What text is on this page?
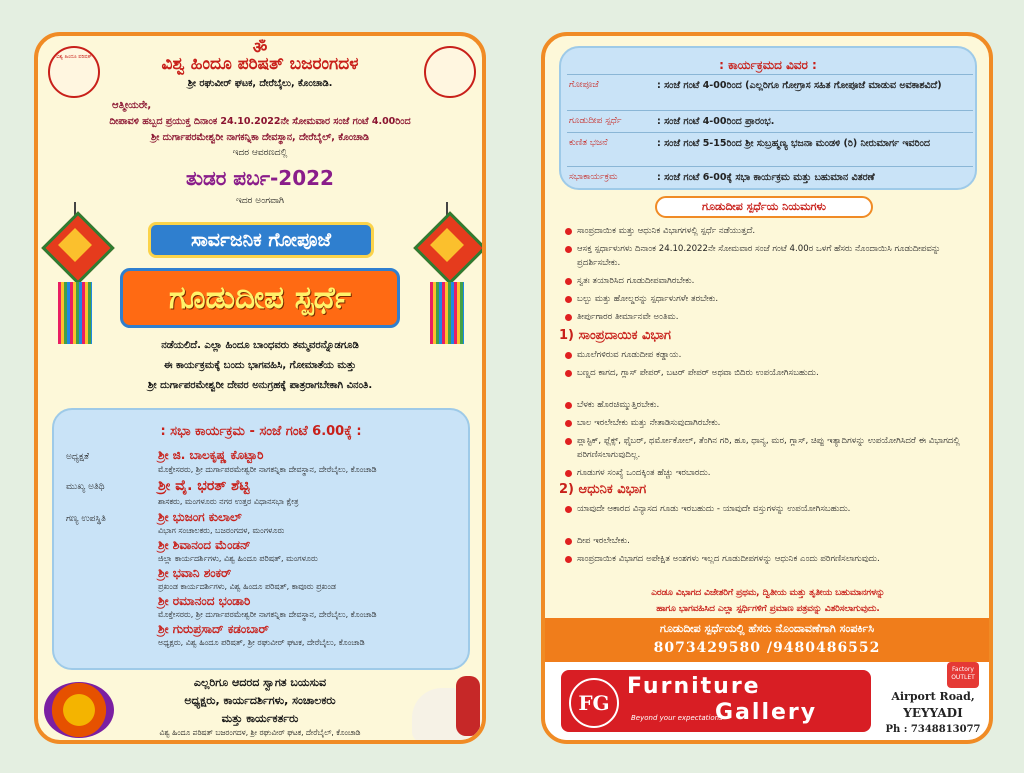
ವಿಶ್ವ ಹಿಂದೂ ಪರಿಷತ್	ॐ
ವಿಶ್ವ ಹಿಂದೂ ಪರಿಷತ್ ಬಜರಂಗದಳ
ಶ್ರೀ ರಘುವೀರ್ ಘಟಕ, ದೇರೆಬೈಲು, ಕೊಂಚಾಡಿ.
ಆತ್ಮೀಯರೇ,
ದೀಪಾವಳಿ ಹಬ್ಬದ ಪ್ರಯುಕ್ತ ದಿನಾಂಕ 24.10.2022ನೇ ಸೋಮವಾರ ಸಂಜೆ ಗಂಟೆ 4.00ರಿಂದ
ಶ್ರೀ ದುರ್ಗಾಪರಮೇಶ್ವರೀ ನಾಗಕನ್ನಿಕಾ ದೇವಸ್ಥಾನ, ದೇರೆಬೈಲ್, ಕೊಂಚಾಡಿ
ಇದರ ಆವರಣದಲ್ಲಿ
ತುಡರ ಪರ್ಬ-2022
ಇದರ ಅಂಗವಾಗಿ
ಸಾರ್ವಜನಿಕ ಗೋಪೂಜೆ
ಗೂಡುದೀಪ ಸ್ಪರ್ಧೆ
ನಡೆಯಲಿದೆ. ಎಲ್ಲಾ ಹಿಂದೂ ಬಾಂಧವರು ತಮ್ಮವರನ್ನೊಡಗೂಡಿ
ಈ ಕಾರ್ಯಕ್ರಮಕ್ಕೆ ಬಂದು ಭಾಗವಹಿಸಿ, ಗೋಮಾತೆಯ ಮತ್ತು
ಶ್ರೀ ದುರ್ಗಾಪರಮೇಶ್ವರೀ ದೇವರ ಅನುಗ್ರಹಕ್ಕೆ ಪಾತ್ರರಾಗಬೇಕಾಗಿ ವಿನಂತಿ.
: ಸಭಾ ಕಾರ್ಯಕ್ರಮ - ಸಂಜೆ ಗಂಟೆ 6.00ಕ್ಕೆ :
ಅಧ್ಯಕ್ಷತೆ	ಶ್ರೀ ಜಿ. ಬಾಲಕೃಷ್ಣ ಕೊಟ್ಟಾರಿ
ಮೊಕ್ತೇಸರರು, ಶ್ರೀ ದುರ್ಗಾಪರಮೇಶ್ವರೀ ನಾಗಕನ್ನಿಕಾ ದೇವಸ್ಥಾನ, ದೇರೆಬೈಲು, ಕೊಂಚಾಡಿ
ಮುಖ್ಯ ಅತಿಥಿ	ಶ್ರೀ ವೈ. ಭರತ್ ಶೆಟ್ಟಿ
ಶಾಸಕರು, ಮಂಗಳೂರು ನಗರ ಉತ್ತರ ವಿಧಾನಸಭಾ ಕ್ಷೇತ್ರ
ಗಣ್ಯ ಉಪಸ್ಥಿತಿ	ಶ್ರೀ ಭುಜಂಗ ಕುಲಾಲ್
ವಿಭಾಗ ಸಂಚಾಲಕರು, ಬಜರಂಗದಳ, ಮಂಗಳೂರು
ಶ್ರೀ ಶಿವಾನಂದ ಮೆಂಡನ್
ಜಿಲ್ಲಾ ಕಾರ್ಯದರ್ಶಿಗಳು, ವಿಶ್ವ ಹಿಂದೂ ಪರಿಷತ್, ಮಂಗಳೂರು
ಶ್ರೀ ಭವಾನಿ ಶಂಕರ್
ಪ್ರಖಂಡ ಕಾರ್ಯದರ್ಶಿಗಳು, ವಿಶ್ವ ಹಿಂದೂ ಪರಿಷತ್, ಕಾವೂರು ಪ್ರಖಂಡ
ಶ್ರೀ ರಮಾನಂದ ಭಂಡಾರಿ
ಮೊಕ್ತೇಸರರು, ಶ್ರೀ ದುರ್ಗಾಪರಮೇಶ್ವರೀ ನಾಗಕನ್ನಿಕಾ ದೇವಸ್ಥಾನ, ದೇರೆಬೈಲು, ಕೊಂಚಾಡಿ
ಶ್ರೀ ಗುರುಪ್ರಸಾದ್ ಕಡಂಬಾರ್
ಅಧ್ಯಕ್ಷರು, ವಿಶ್ವ ಹಿಂದೂ ಪರಿಷತ್, ಶ್ರೀ ರಘುವೀರ್ ಘಟಕ, ದೇರೆಬೈಲು, ಕೊಂಚಾಡಿ
ಎಲ್ಲರಿಗೂ ಆದರದ ಸ್ವಾಗತ ಬಯಸುವ
ಅಧ್ಯಕ್ಷರು, ಕಾರ್ಯದರ್ಶಿಗಳು, ಸಂಚಾಲಕರು
ಮತ್ತು ಕಾರ್ಯಕರ್ತರು
ವಿಶ್ವ ಹಿಂದೂ ಪರಿಷತ್ ಬಜರಂಗದಳ, ಶ್ರೀ ರಘುವೀರ್ ಘಟಕ, ದೇರೆಬೈಲ್, ಕೊಂಚಾಡಿ
: ಕಾರ್ಯಕ್ರಮದ ವಿವರ :
ಗೋಪೂಜೆ	: ಸಂಜೆ ಗಂಟೆ 4-00ರಿಂದ (ಎಲ್ಲರಿಗೂ ಗೋಗ್ರಾಸ ಸಹಿತ ಗೋಪೂಜೆ ಮಾಡುವ ಅವಕಾಶವಿದೆ)
ಗೂಡುದೀಪ ಸ್ಪರ್ಧೆ	: ಸಂಜೆ ಗಂಟೆ 4-00ರಿಂದ ಪ್ರಾರಂಭ.
ಕುಣಿತ ಭಜನೆ	: ಸಂಜೆ ಗಂಟೆ 5-15ರಿಂದ ಶ್ರೀ ಸುಬ್ರಹ್ಮಣ್ಯ ಭಜನಾ ಮಂಡಳಿ (ರಿ) ನೀರುಮಾರ್ಗ ಇವರಿಂದ
ಸಭಾಕಾರ್ಯಕ್ರಮ	: ಸಂಜೆ ಗಂಟೆ 6-00ಕ್ಕೆ ಸಭಾ ಕಾರ್ಯಕ್ರಮ ಮತ್ತು ಬಹುಮಾನ ವಿತರಣೆ
ಗೂಡುದೀಪ ಸ್ಪರ್ಧೆಯ ನಿಯಮಗಳು
ಸಾಂಪ್ರದಾಯಿಕ ಮತ್ತು ಆಧುನಿಕ ವಿಭಾಗಗಳಲ್ಲಿ ಸ್ಪರ್ಧೆ ನಡೆಯುತ್ತದೆ.
ಆಸಕ್ತ ಸ್ಪರ್ಧಾಳುಗಳು ದಿನಾಂಕ 24.10.2022ನೇ ಸೋಮವಾರ ಸಂಜೆ ಗಂಟೆ 4.00ರ ಒಳಗೆ ಹೆಸರು ನೊಂದಾಯಿಸಿ ಗೂಡುದೀಪವನ್ನು ಪ್ರದರ್ಶಿಸಬೇಕು.
ಸ್ವತಃ ತಯಾರಿಸಿದ ಗೂಡುದೀಪವಾಗಿರಬೇಕು.
ಬಲ್ಬು ಮತ್ತು ಹೋಲ್ಡರನ್ನು ಸ್ಪರ್ಧಾಳುಗಳೇ ತರಬೇಕು.
ತೀರ್ಪುಗಾರರ ತೀರ್ಮಾನವೇ ಅಂತಿಮ.
1) ಸಾಂಪ್ರದಾಯಿಕ ವಿಭಾಗ
ಮೂಲೆಗಳಿರುವ ಗೂಡುದೀಪ ಕಡ್ಡಾಯ.
ಬಣ್ಣದ ಕಾಗದ, ಗ್ಲಾಸ್ ಪೇಪರ್, ಬಟರ್ ಪೇಪರ್ ಅಥವಾ ಬಿದಿರು ಉಪಯೋಗಿಸಬಹುದು.
ಬೆಳಕು ಹೊರಚಿಮ್ಮುತ್ತಿರಬೇಕು.
ಬಾಲ ಇರಲೇಬೇಕು ಮತ್ತು ನೇತಾಡಿಸುವುದಾಗಿರಬೇಕು.
ಪ್ಲಾಸ್ಟಿಕ್, ಫ್ಲೆಕ್ಸ್, ಫೈಬರ್, ಥರ್ಮೋಕೋಲ್, ತೆಂಗಿನ ಗರಿ, ಹೂ, ಧಾನ್ಯ, ಮರ, ಗ್ಲಾಸ್, ಚಿಪ್ಪು ಇತ್ಯಾದಿಗಳನ್ನು ಉಪಯೋಗಿಸಿದರೆ ಈ ವಿಭಾಗದಲ್ಲಿ ಪರಿಗಣಿಸಲಾಗುವುದಿಲ್ಲ.
ಗೂಡುಗಳ ಸಂಖ್ಯೆ ಒಂದಕ್ಕಿಂತ ಹೆಚ್ಚು ಇರಬಾರದು.
2) ಆಧುನಿಕ ವಿಭಾಗ
ಯಾವುದೇ ಆಕಾರದ ವಿನ್ಯಾಸದ ಗೂಡು ಇರಬಹುದು - ಯಾವುದೇ ವಸ್ತುಗಳನ್ನು ಉಪಯೋಗಿಸಬಹುದು.
ದೀಪ ಇರಲೇಬೇಕು.
ಸಾಂಪ್ರದಾಯಿಕ ವಿಭಾಗದ ಅಪೇಕ್ಷಿತ ಅಂಶಗಳು ಇಲ್ಲದ ಗೂಡುದೀಪಗಳನ್ನು ಆಧುನಿಕ ಎಂದು ಪರಿಗಣಿಸಲಾಗುವುದು.
ಎರಡೂ ವಿಭಾಗದ ವಿಜೇತರಿಗೆ ಪ್ರಥಮ, ದ್ವಿತೀಯ ಮತ್ತು ತೃತೀಯ ಬಹುಮಾನಗಳನ್ನು
ಹಾಗೂ ಭಾಗವಹಿಸಿದ ಎಲ್ಲಾ ಸ್ಪರ್ಧಿಗಳಿಗೆ ಪ್ರಮಾಣ ಪತ್ರವನ್ನು ವಿತರಿಸಲಾಗುವುದು.
ಗೂಡುದೀಪ ಸ್ಪರ್ಧೆಯಲ್ಲಿ ಹೆಸರು ನೊಂದಾವಣೆಗಾಗಿ ಸಂಪರ್ಕಿಸಿ
8073429580 /9480486552
FG
Furniture
Gallery
Beyond your expectations
Factory OUTLET
Airport Road,
YEYYADI
Ph : 7348813077
